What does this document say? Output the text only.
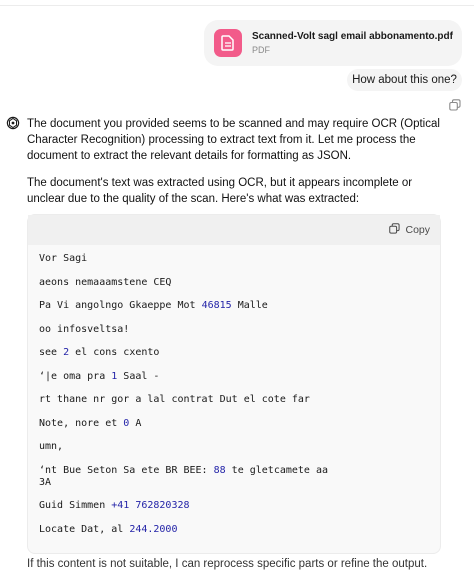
Scanned-Volt sagl email abbonamento.pdf
PDF
How about this one?
The document you provided seems to be scanned and may require OCR (Optical Character Recognition) processing to extract text from it. Let me process the document to extract the relevant details for formatting as JSON.
The document's text was extracted using OCR, but it appears incomplete or unclear due to the quality of the scan. Here's what was extracted:
Copy
Vor Sagi
aeons nemaaamstene CEQ
Pa Vi angolngo Gkaeppe Mot 46815 Malle
oo infosveltsa!
see 2 el cons cxento
‘|e oma pra 1 Saal -
rt thane nr gor a lal contrat Dut el cote far
Note, nore et 0 A
umn,
‘nt Bue Seton Sa ete BR BEE: 88 te gletcamete aa
3A
Guid Simmen +41 762820328
Locate Dat, al 244.2000
If this content is not suitable, I can reprocess specific parts or refine the output.
